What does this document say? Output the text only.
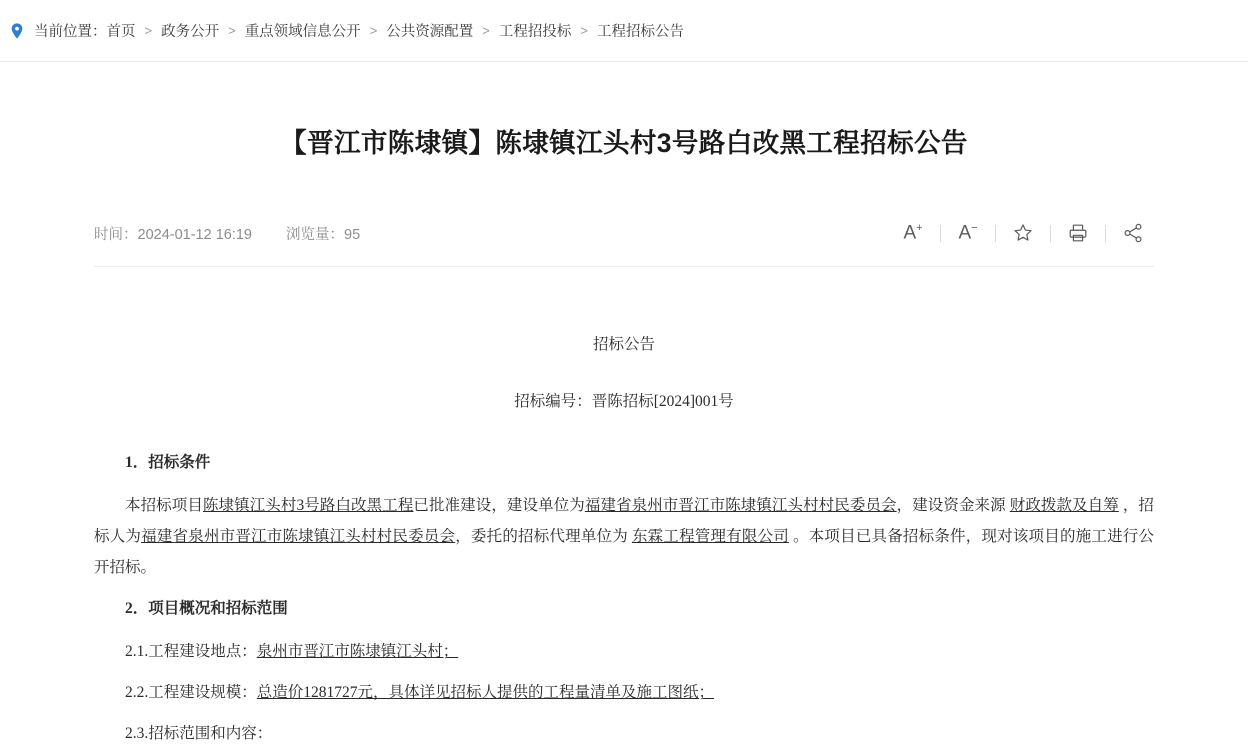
当前位置： 首页 > 政务公开 > 重点领域信息公开 > 公共资源配置 > 工程招投标 > 工程招标公告
【晋江市陈埭镇】陈埭镇江头村3号路白改黑工程招标公告
时间：2024-01-12 16:19 浏览量：95	A+ A−

招标公告

招标编号：晋陈招标[2024]001号

1．招标条件

本招标项目陈埭镇江头村3号路白改黑工程已批准建设，建设单位为福建省泉州市晋江市陈埭镇江头村村民委员会，建设资金来源 财政拨款及自筹 ，招标人为福建省泉州市晋江市陈埭镇江头村村民委员会，委托的招标代理单位为 东霖工程管理有限公司 。本项目已具备招标条件，现对该项目的施工进行公开招标。

2．项目概况和招标范围

2.1.工程建设地点：泉州市晋江市陈埭镇江头村；

2.2.工程建设规模：总造价1281727元，具体详见招标人提供的工程量清单及施工图纸；

2.3.招标范围和内容：
